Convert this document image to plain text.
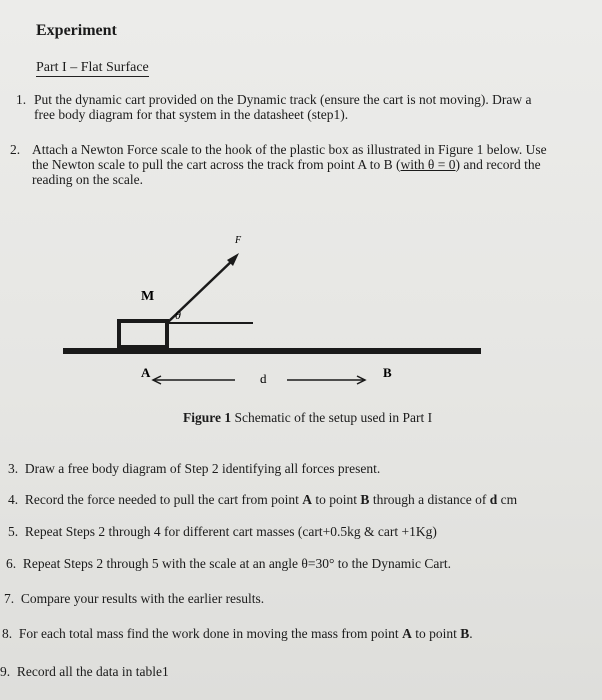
Experiment
Part I – Flat Surface
1. Put the dynamic cart provided on the Dynamic track (ensure the cart is not moving). Draw a
free body diagram for that system in the datasheet (step1).
2. Attach a Newton Force scale to the hook of the plastic box as illustrated in Figure 1 below. Use
the Newton scale to pull the cart across the track from point A to B (with θ = 0) and record the
reading on the scale.
F
M
θ
A	d	B
Figure 1 Schematic of the setup used in Part I
3. Draw a free body diagram of Step 2 identifying all forces present.
4. Record the force needed to pull the cart from point A to point B through a distance of d cm
5. Repeat Steps 2 through 4 for different cart masses (cart+0.5kg & cart +1Kg)
6. Repeat Steps 2 through 5 with the scale at an angle θ=30° to the Dynamic Cart.
7. Compare your results with the earlier results.
8. For each total mass find the work done in moving the mass from point A to point B.
9. Record all the data in table1
